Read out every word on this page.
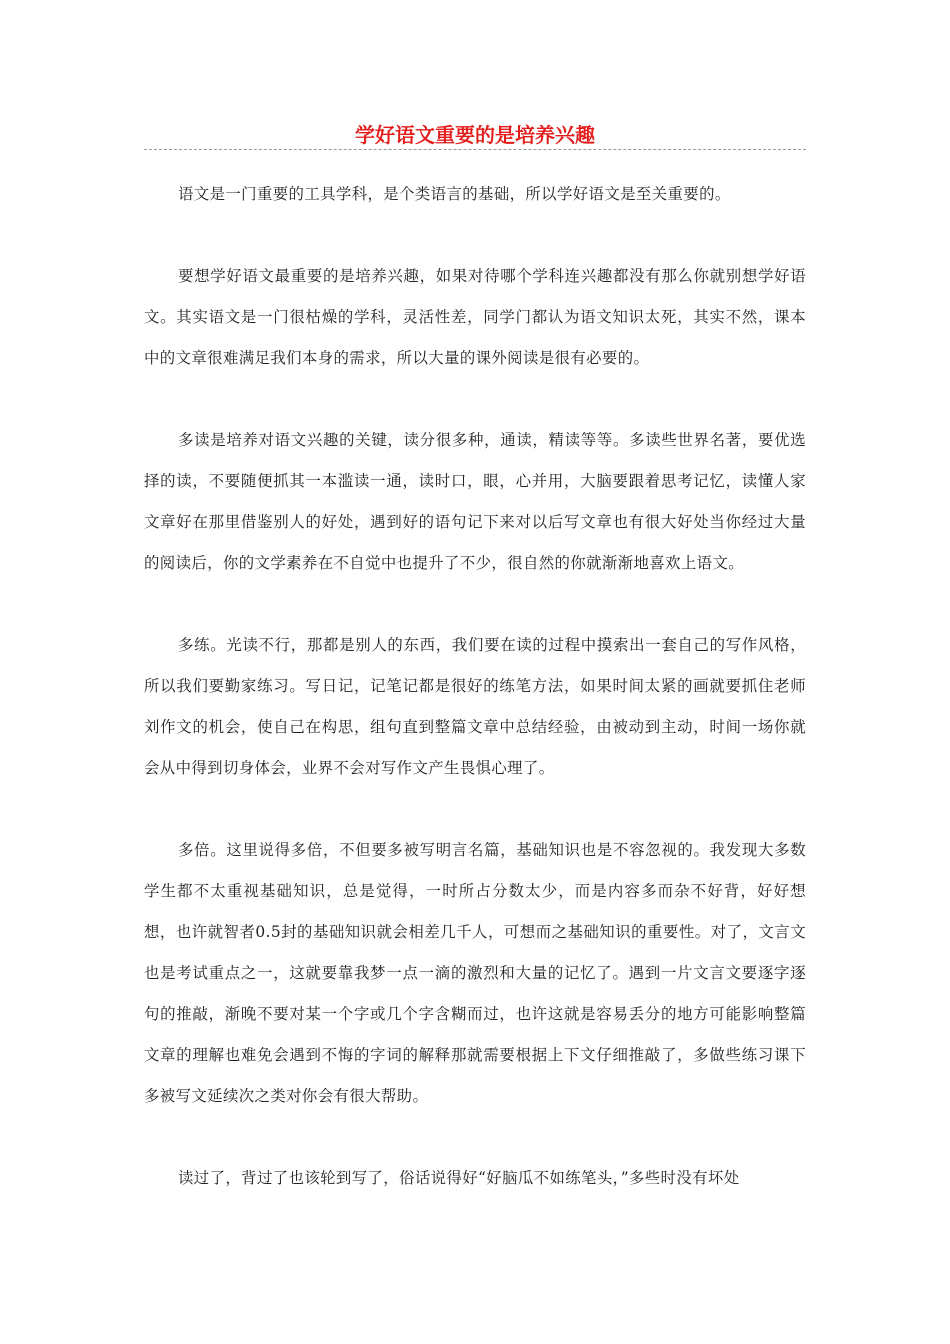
学好语文重要的是培养兴趣

语文是一门重要的工具学科，是个类语言的基础，所以学好语文是至关重要的。

要想学好语文最重要的是培养兴趣，如果对待哪个学科连兴趣都没有那么你就别想学好语文。其实语文是一门很枯燥的学科，灵活性差，同学门都认为语文知识太死，其实不然，课本中的文章很难满足我们本身的需求，所以大量的课外阅读是很有必要的。

多读是培养对语文兴趣的关键，读分很多种，通读，精读等等。多读些世界名著，要优选择的读，不要随便抓其一本滥读一通，读时口，眼，心并用，大脑要跟着思考记忆，读懂人家文章好在那里借鉴别人的好处，遇到好的语句记下来对以后写文章也有很大好处当你经过大量的阅读后，你的文学素养在不自觉中也提升了不少，很自然的你就渐渐地喜欢上语文。

多练。光读不行，那都是别人的东西，我们要在读的过程中摸索出一套自己的写作风格，所以我们要勤家练习。写日记，记笔记都是很好的练笔方法，如果时间太紧的画就要抓住老师刘作文的机会，使自己在构思，组句直到整篇文章中总结经验，由被动到主动，时间一场你就会从中得到切身体会，业界不会对写作文产生畏惧心理了。

多倍。这里说得多倍，不但要多被写明言名篇，基础知识也是不容忽视的。我发现大多数学生都不太重视基础知识，总是觉得，一时所占分数太少，而是内容多而杂不好背，好好想想，也许就智者0.5封的基础知识就会相差几千人，可想而之基础知识的重要性。对了，文言文也是考试重点之一，这就要靠我梦一点一滴的激烈和大量的记忆了。遇到一片文言文要逐字逐句的推敲，渐晚不要对某一个字或几个字含糊而过，也许这就是容易丢分的地方可能影响整篇文章的理解也难免会遇到不悔的字词的解释那就需要根据上下文仔细推敲了，多做些练习课下多被写文延续次之类对你会有很大帮助。

读过了，背过了也该轮到写了，俗话说得好“好脑瓜不如练笔头，”多些时没有坏处
